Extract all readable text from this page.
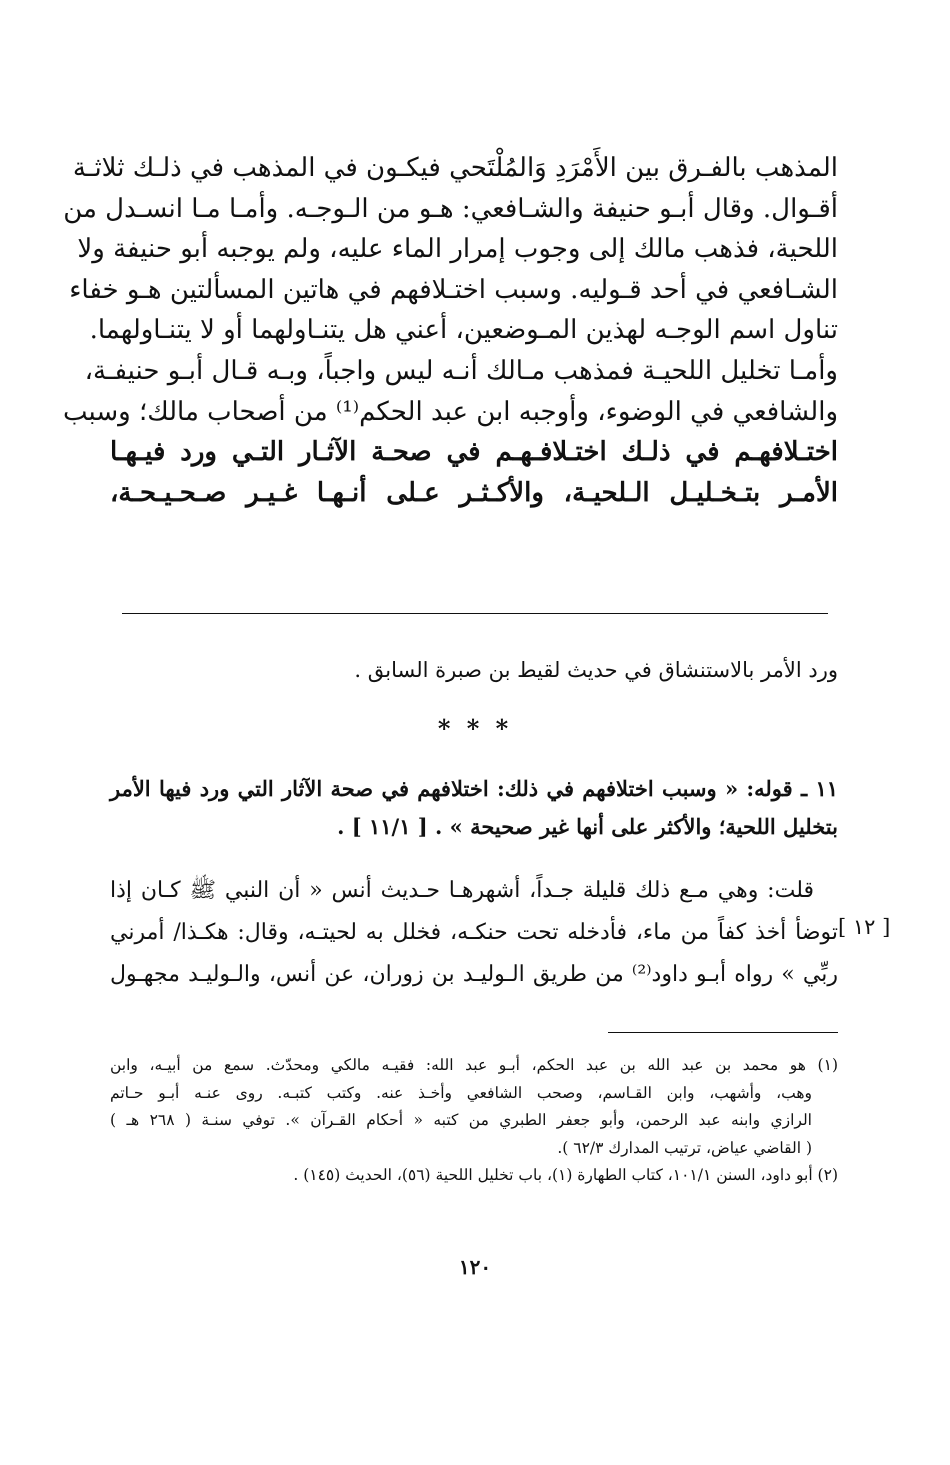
المذهب بالفـرق بين الأَمْرَدِ وَالمُلْتَحي فيكـون في المذهب في ذلـك ثلاثـة
أقـوال. وقال أبـو حنيفة والشـافعي: هـو من الـوجـه. وأمـا مـا انسـدل من
اللحية، فذهب مالك إلى وجوب إمرار الماء عليه، ولم يوجبه أبو حنيفة ولا
الشـافعي في أحد قـوليه. وسبب اختـلافهم في هاتين المسألتين هـو خفاء
تناول اسم الوجـه لهذين المـوضعين، أعني هل يتنـاولهما أو لا يتنـاولهما.
وأمـا تخليل اللحيـة فمذهب مـالك أنـه ليس واجباً، وبـه قـال أبـو حنيفـة،
والشافعي في الوضوء، وأوجبه ابن عبد الحكم⁽¹⁾ من أصحاب مالك؛ وسبب
اختـلافهـم في ذلـك اختـلافـهـم في صحـة الآثـار التـي ورد فيـهـا
الأمـر بتـخـليـل الـلحيـة، والأكـثـر عـلى أنـهـا غـيـر صـحـيـحـة،
ورد الأمر بالاستنشاق في حديث لقيط بن صبرة السابق .
* * *
١١ ـ قوله: « وسبب اختلافهم في ذلك: اختلافهم في صحة الآثار التي ورد فيها الأمر
بتخليل اللحية؛ والأكثر على أنها غير صحيحة » . [ ١١/١ ] .
قلت: وهي مـع ذلك قليلة جـداً، أشهرهـا حـديث أنس « أن النبي ﷺ كـان إذا
توضأ أخذ كفاً من ماء، فأدخله تحت حنكـه، فخلل به لحيتـه، وقال: هكـذا/ أمرني
ربِّي » رواه أبـو داود⁽²⁾ من طريق الـوليـد بن زوران، عن أنس، والـوليـد مجهـول
[ ١٢ ]
(١) هو محمد بن عبد الله بن عبد الحكم، أبـو عبد الله: فقيـه مالكي ومحدّث. سمع من أبيـه، وابن
وهب، وأشهب، وابن القـاسم، وصحب الشافعي وأخـذ عنه. وكتب كتبـه. روى عنـه أبـو حـاتم
الرازي وابنه عبد الرحمن، وأبو جعفر الطبري من كتبه « أحكام القـرآن ». توفي سنـة ( ٢٦٨ هـ )
( القاضي عياض، ترتيب المدارك ٦٢/٣ ).
(٢) أبو داود، السنن ١٠١/١، كتاب الطهارة (١)، باب تخليل اللحية (٥٦)، الحديث (١٤٥) .
١٢٠
